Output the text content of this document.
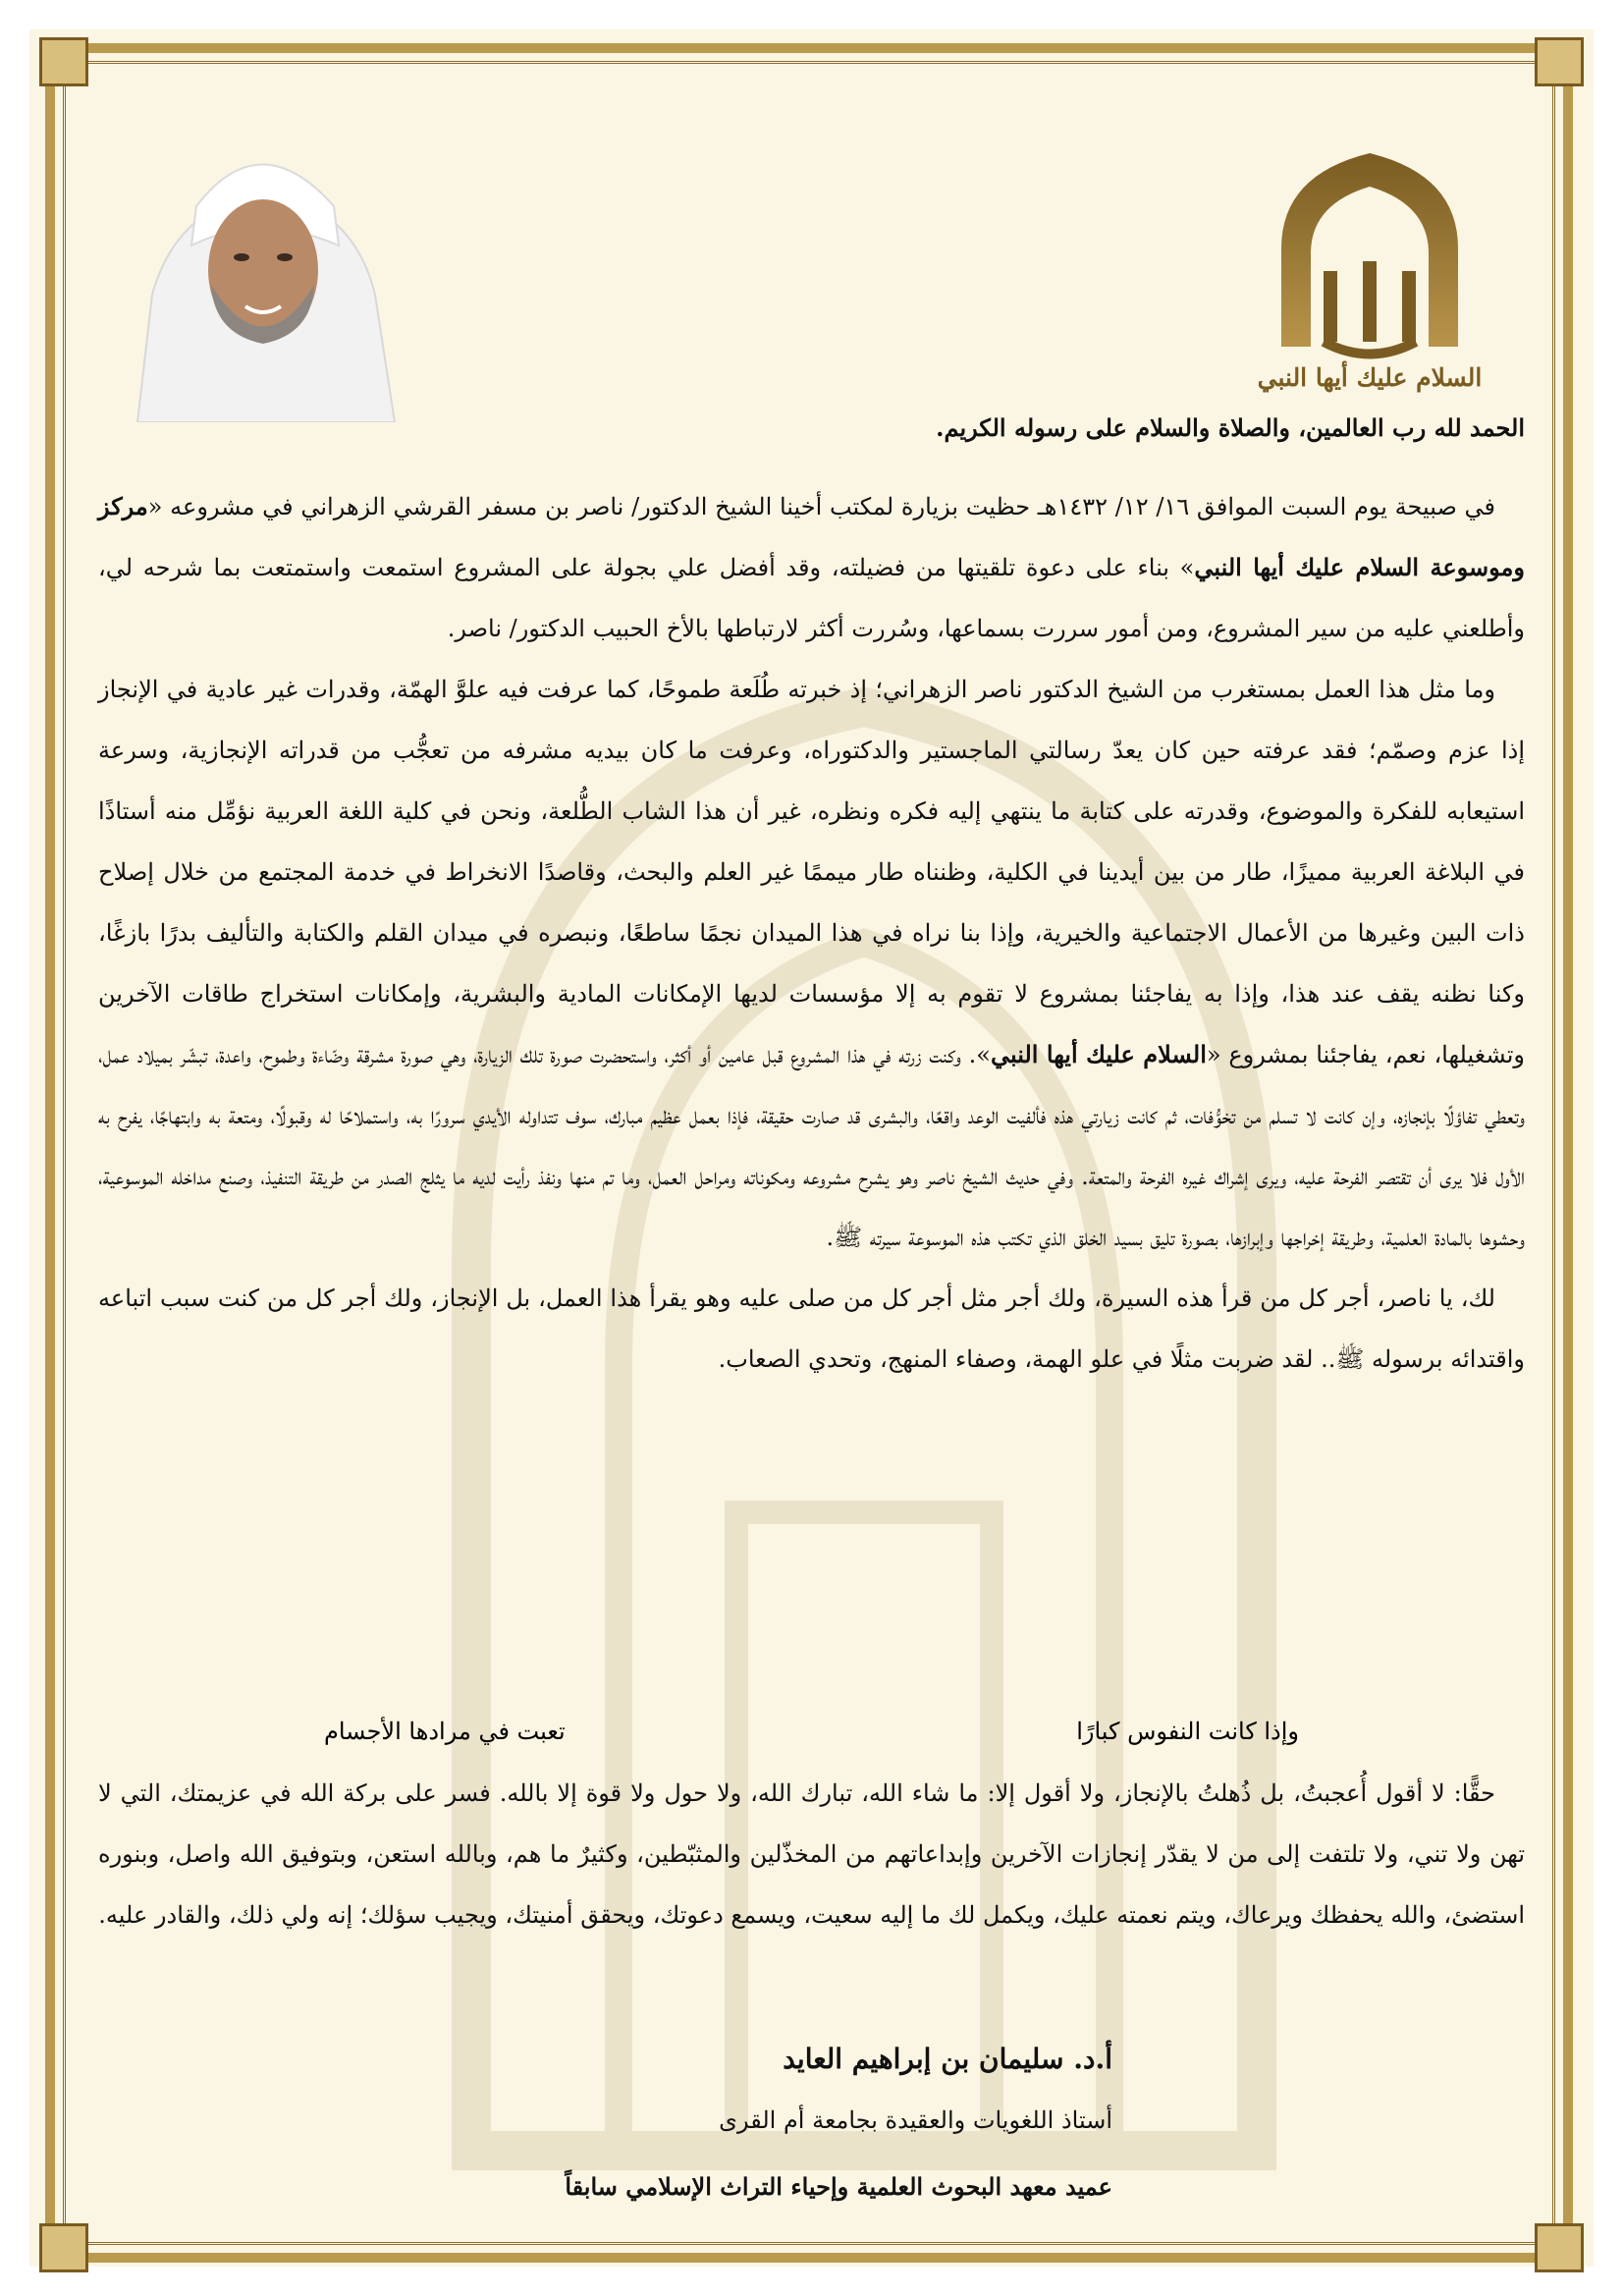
السلام عليك أيها النبي
الحمد لله رب العالمين، والصلاة والسلام على رسوله الكريم.

في صبيحة يوم السبت الموافق ١٦/ ١٢/ ١٤٣٢هـ حظيت بزيارة لمكتب أخينا الشيخ الدكتور/ ناصر بن مسفر القرشي الزهراني في مشروعه «مركز وموسوعة السلام عليك أيها النبي» بناء على دعوة تلقيتها من فضيلته، وقد أفضل علي بجولة على المشروع استمعت واستمتعت بما شرحه لي، وأطلعني عليه من سير المشروع، ومن أمور سررت بسماعها، وسُررت أكثر لارتباطها بالأخ الحبيب الدكتور/ ناصر.

وما مثل هذا العمل بمستغرب من الشيخ الدكتور ناصر الزهراني؛ إذ خبرته طُلَعة طموحًا، كما عرفت فيه علوَّ الهمّة، وقدرات غير عادية في الإنجاز إذا عزم وصمّم؛ فقد عرفته حين كان يعدّ رسالتي الماجستير والدكتوراه، وعرفت ما كان بيديه مشرفه من تعجُّب من قدراته الإنجازية، وسرعة استيعابه للفكرة والموضوع، وقدرته على كتابة ما ينتهي إليه فكره ونظره، غير أن هذا الشاب الطُّلعة، ونحن في كلية اللغة العربية نؤمِّل منه أستاذًا في البلاغة العربية مميزًا، طار من بين أيدينا في الكلية، وظنناه طار ميممًا غير العلم والبحث، وقاصدًا الانخراط في خدمة المجتمع من خلال إصلاح ذات البين وغيرها من الأعمال الاجتماعية والخيرية، وإذا بنا نراه في هذا الميدان نجمًا ساطعًا، ونبصره في ميدان القلم والكتابة والتأليف بدرًا بازغًا، وكنا نظنه يقف عند هذا، وإذا به يفاجئنا بمشروع لا تقوم به إلا مؤسسات لديها الإمكانات المادية والبشرية، وإمكانات استخراج طاقات الآخرين وتشغيلها، نعم، يفاجئنا بمشروع «السلام عليك أيها النبي». وكنت زرته في هذا المشروع قبل عامين أو أكثر، واستحضرت صورة تلك الزيارة، وهي صورة مشرقة وضّاءة وطموح، واعدة، تبشّر بميلاد عمل، وتعطي تفاؤلًا بإنجازه، وإن كانت لا تسلم من تخوُّفات، ثم كانت زيارتي هذه فألفيت الوعد واقعًا، والبشرى قد صارت حقيقة، فإذا بعمل عظيم مبارك، سوف تتداوله الأيدي سرورًا به، واستملاحًا له وقبولًا، ومتعة به وابتهاجًا، يفرح به الأول فلا يرى أن تقتصر الفرحة عليه، ويرى إشراك غيره الفرحة والمتعة. وفي حديث الشيخ ناصر وهو يشرح مشروعه ومكوناته ومراحل العمل، وما تم منها ونفذ رأيت لديه ما يثلج الصدر من طريقة التنفيذ، وصنع مداخله الموسوعية، وحشوها بالمادة العلمية، وطريقة إخراجها وإبرازها، بصورة تليق بسيد الخلق الذي تكتب هذه الموسوعة سيرته ﷺ.

لك، يا ناصر، أجر كل من قرأ هذه السيرة، ولك أجر مثل أجر كل من صلى عليه وهو يقرأ هذا العمل، بل الإنجاز، ولك أجر كل من كنت سبب اتباعه واقتدائه برسوله ﷺ.. لقد ضربت مثلًا في علو الهمة، وصفاء المنهج، وتحدي الصعاب.

وإذا كانت النفوس كبارًا
تعبت في مرادها الأجسام

حقًّا: لا أقول أُعجبتُ، بل ذُهلتُ بالإنجاز، ولا أقول إلا: ما شاء الله، تبارك الله، ولا حول ولا قوة إلا بالله. فسر على بركة الله في عزيمتك، التي لا تهن ولا تني، ولا تلتفت إلى من لا يقدّر إنجازات الآخرين وإبداعاتهم من المخذّلين والمثبّطين، وكثيرٌ ما هم، وبالله استعن، وبتوفيق الله واصل، وبنوره استضئ، والله يحفظك ويرعاك، ويتم نعمته عليك، ويكمل لك ما إليه سعيت، ويسمع دعوتك، ويحقق أمنيتك، ويجيب سؤلك؛ إنه ولي ذلك، والقادر عليه.

أ.د. سليمان بن إبراهيم العايد
أستاذ اللغويات والعقيدة بجامعة أم القرى
عميد معهد البحوث العلمية وإحياء التراث الإسلامي سابقاً
